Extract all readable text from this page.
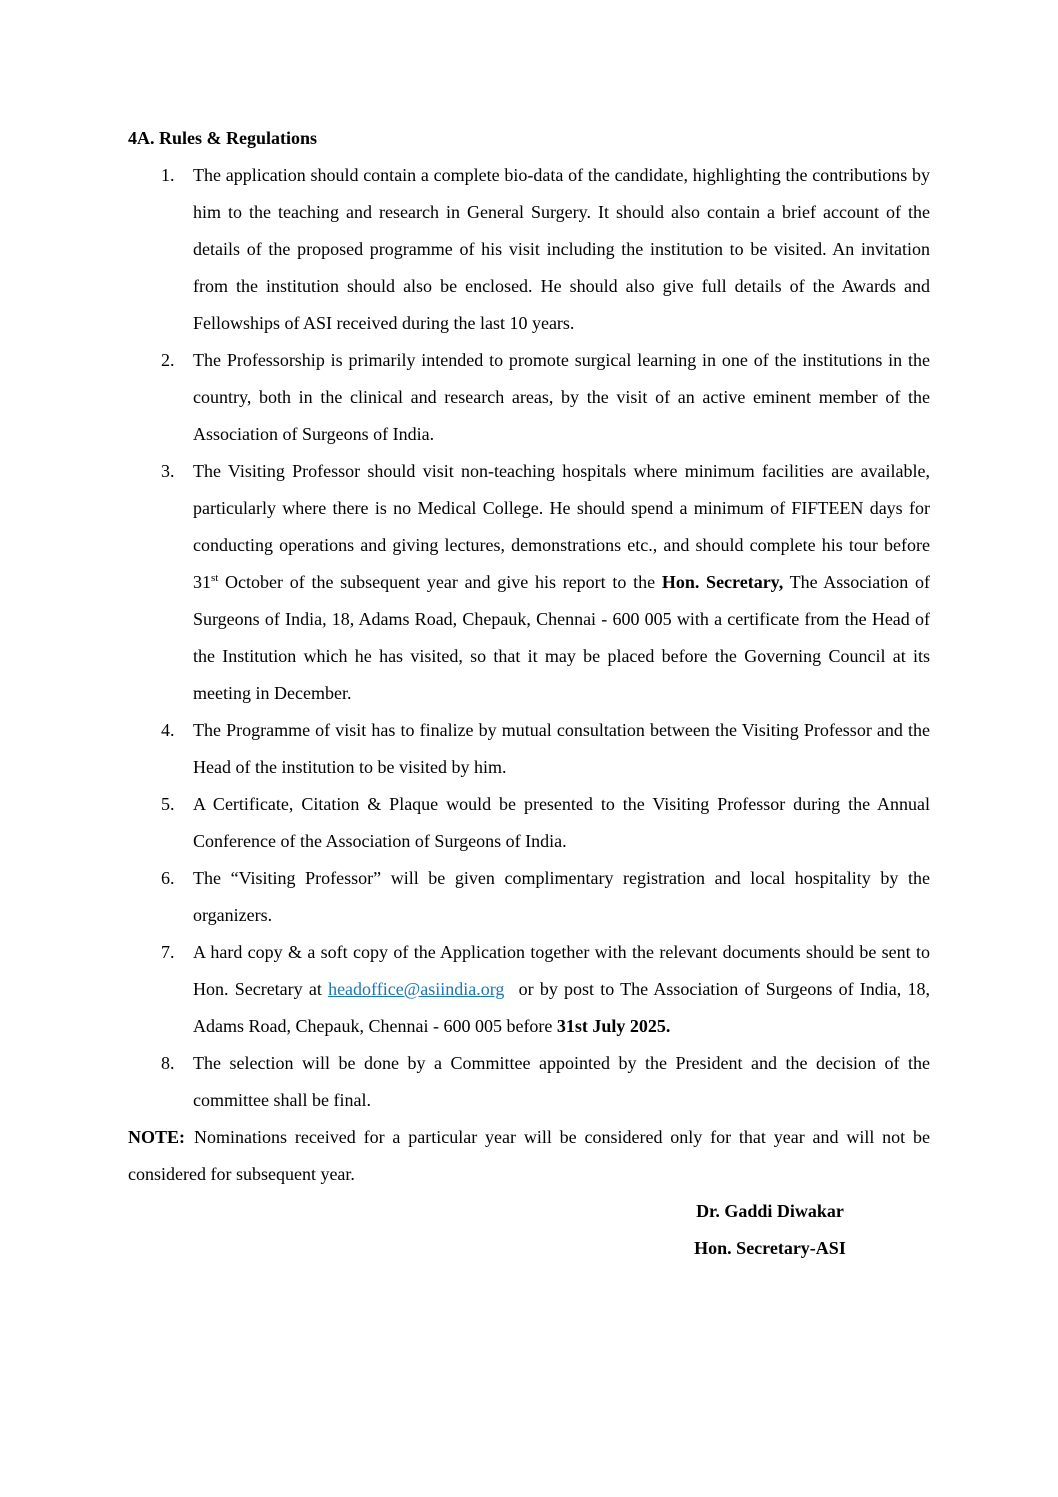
4A. Rules & Regulations
1. The application should contain a complete bio-data of the candidate, highlighting the contributions by him to the teaching and research in General Surgery. It should also contain a brief account of the details of the proposed programme of his visit including the institution to be visited. An invitation from the institution should also be enclosed. He should also give full details of the Awards and Fellowships of ASI received during the last 10 years.
2. The Professorship is primarily intended to promote surgical learning in one of the institutions in the country, both in the clinical and research areas, by the visit of an active eminent member of the Association of Surgeons of India.
3. The Visiting Professor should visit non-teaching hospitals where minimum facilities are available, particularly where there is no Medical College. He should spend a minimum of FIFTEEN days for conducting operations and giving lectures, demonstrations etc., and should complete his tour before 31st October of the subsequent year and give his report to the Hon. Secretary, The Association of Surgeons of India, 18, Adams Road, Chepauk, Chennai - 600 005 with a certificate from the Head of the Institution which he has visited, so that it may be placed before the Governing Council at its meeting in December.
4. The Programme of visit has to finalize by mutual consultation between the Visiting Professor and the Head of the institution to be visited by him.
5. A Certificate, Citation & Plaque would be presented to the Visiting Professor during the Annual Conference of the Association of Surgeons of India.
6. The “Visiting Professor” will be given complimentary registration and local hospitality by the organizers.
7. A hard copy & a soft copy of the Application together with the relevant documents should be sent to Hon. Secretary at headoffice@asiindia.org or by post to The Association of Surgeons of India, 18, Adams Road, Chepauk, Chennai - 600 005 before 31st July 2025.
8. The selection will be done by a Committee appointed by the President and the decision of the committee shall be final.
NOTE: Nominations received for a particular year will be considered only for that year and will not be considered for subsequent year.
Dr. Gaddi Diwakar
Hon. Secretary-ASI
